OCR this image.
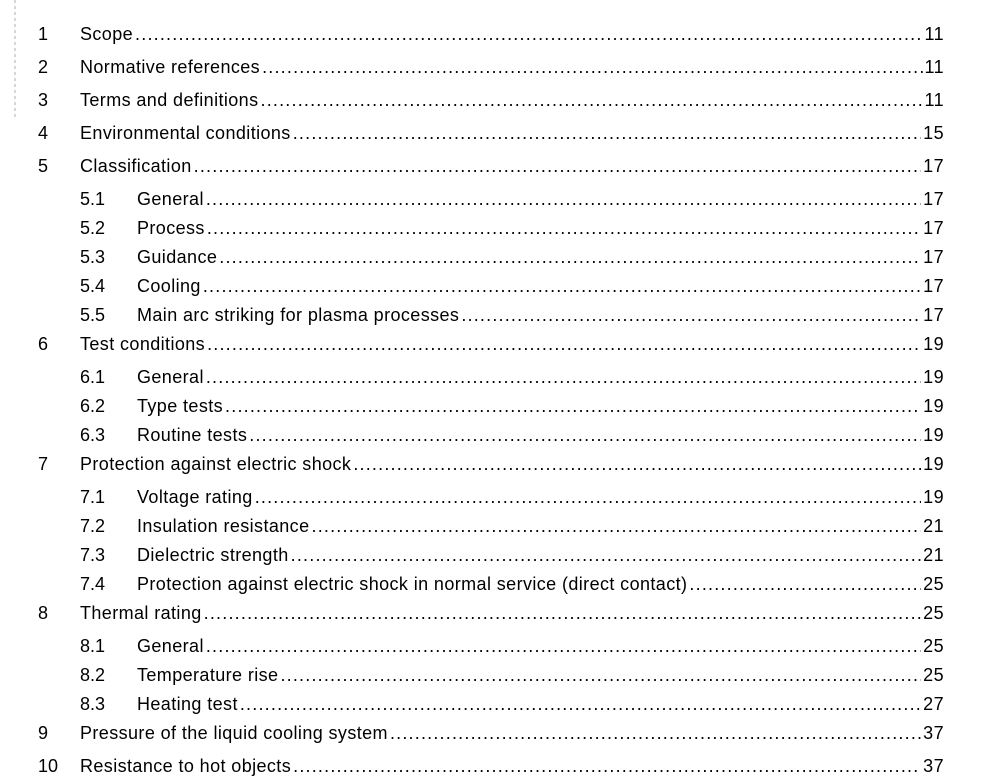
1 Scope .....	11
2 Normative references .....	11
3 Terms and definitions .....	11
4 Environmental conditions .....	15
5 Classification .....	17
5.1 General .....	17
5.2 Process .....	17
5.3 Guidance .....	17
5.4 Cooling .....	17
5.5 Main arc striking for plasma processes .....	17
6 Test conditions .....	19
6.1 General .....	19
6.2 Type tests .....	19
6.3 Routine tests .....	19
7 Protection against electric shock .....	19
7.1 Voltage rating .....	19
7.2 Insulation resistance .....	21
7.3 Dielectric strength .....	21
7.4 Protection against electric shock in normal service (direct contact) .....	25
8 Thermal rating .....	25
8.1 General .....	25
8.2 Temperature rise .....	25
8.3 Heating test .....	27
9 Pressure of the liquid cooling system .....	37
10 Resistance to hot objects .....	37
